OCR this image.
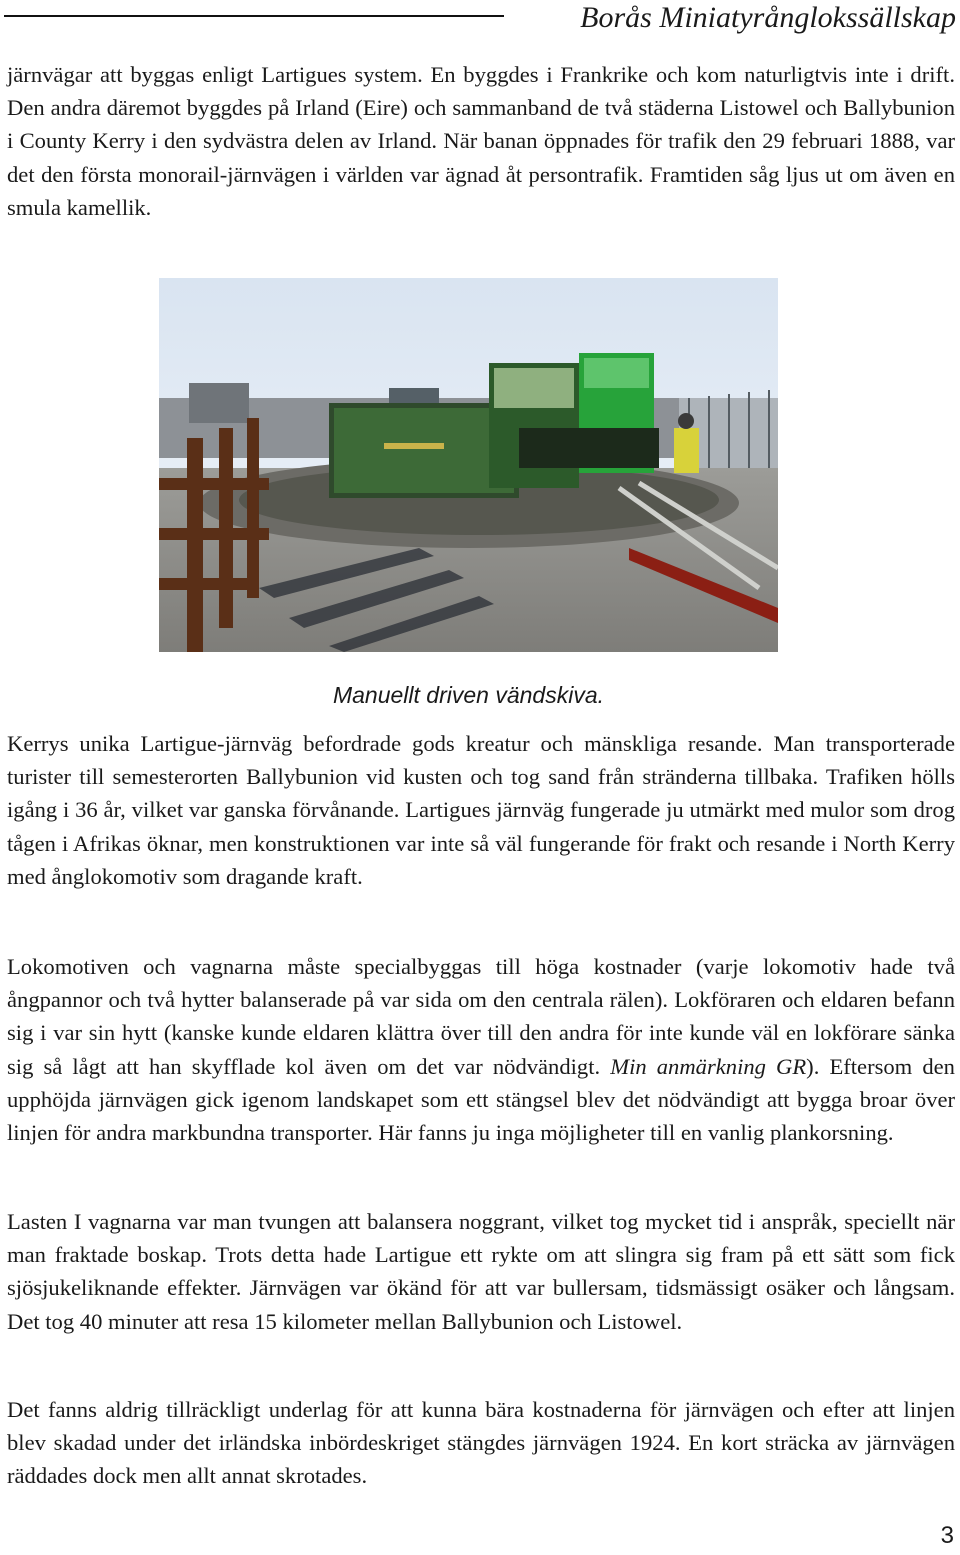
Borås Miniatyrånglokssällskap

järnvägar att byggas enligt Lartigues system. En byggdes i Frankrike och kom naturligtvis inte i drift. Den andra däremot byggdes på Irland (Eire) och sammanband de två städerna Listowel och Ballybunion i County Kerry i den sydvästra delen av Irland. När banan öppnades för trafik den 29 februari 1888, var det den första monorail-järnvägen i världen var ägnad åt persontrafik. Framtiden såg ljus ut om även en smula kamellik.

Manuellt driven vändskiva.

Kerrys unika Lartigue-järnväg befordrade gods kreatur och mänskliga resande. Man transporterade turister till semesterorten Ballybunion vid kusten och tog sand från stränderna tillbaka. Trafiken hölls igång i 36 år, vilket var ganska förvånande. Lartigues järnväg fungerade ju utmärkt med mulor som drog tågen i Afrikas öknar, men konstruktionen var inte så väl fungerande för frakt och resande i North Kerry med ånglokomotiv som dragande kraft.

Lokomotiven och vagnarna måste specialbyggas till höga kostnader (varje lokomotiv hade två ångpannor och två hytter balanserade på var sida om den centrala rälen). Lokföraren och eldaren befann sig i var sin hytt (kanske kunde eldaren klättra över till den andra för inte kunde väl en lokförare sänka sig så lågt att han skyfflade kol även om det var nödvändigt. Min anmärkning GR). Eftersom den upphöjda järnvägen gick igenom landskapet som ett stängsel blev det nödvändigt att bygga broar över linjen för andra markbundna transporter. Här fanns ju inga möjligheter till en vanlig plankorsning.

Lasten I vagnarna var man tvungen att balansera noggrant, vilket tog mycket tid i anspråk, speciellt när man fraktade boskap. Trots detta hade Lartigue ett rykte om att slingra sig fram på ett sätt som fick sjösjukeliknande effekter. Järnvägen var ökänd för att var bullersam, tidsmässigt osäker och långsam. Det tog 40 minuter att resa 15 kilometer mellan Ballybunion och Listowel.

Det fanns aldrig tillräckligt underlag för att kunna bära kostnaderna för järnvägen och efter att linjen blev skadad under det irländska inbördeskriget stängdes järnvägen 1924. En kort sträcka av järnvägen räddades dock men allt annat skrotades.

3
